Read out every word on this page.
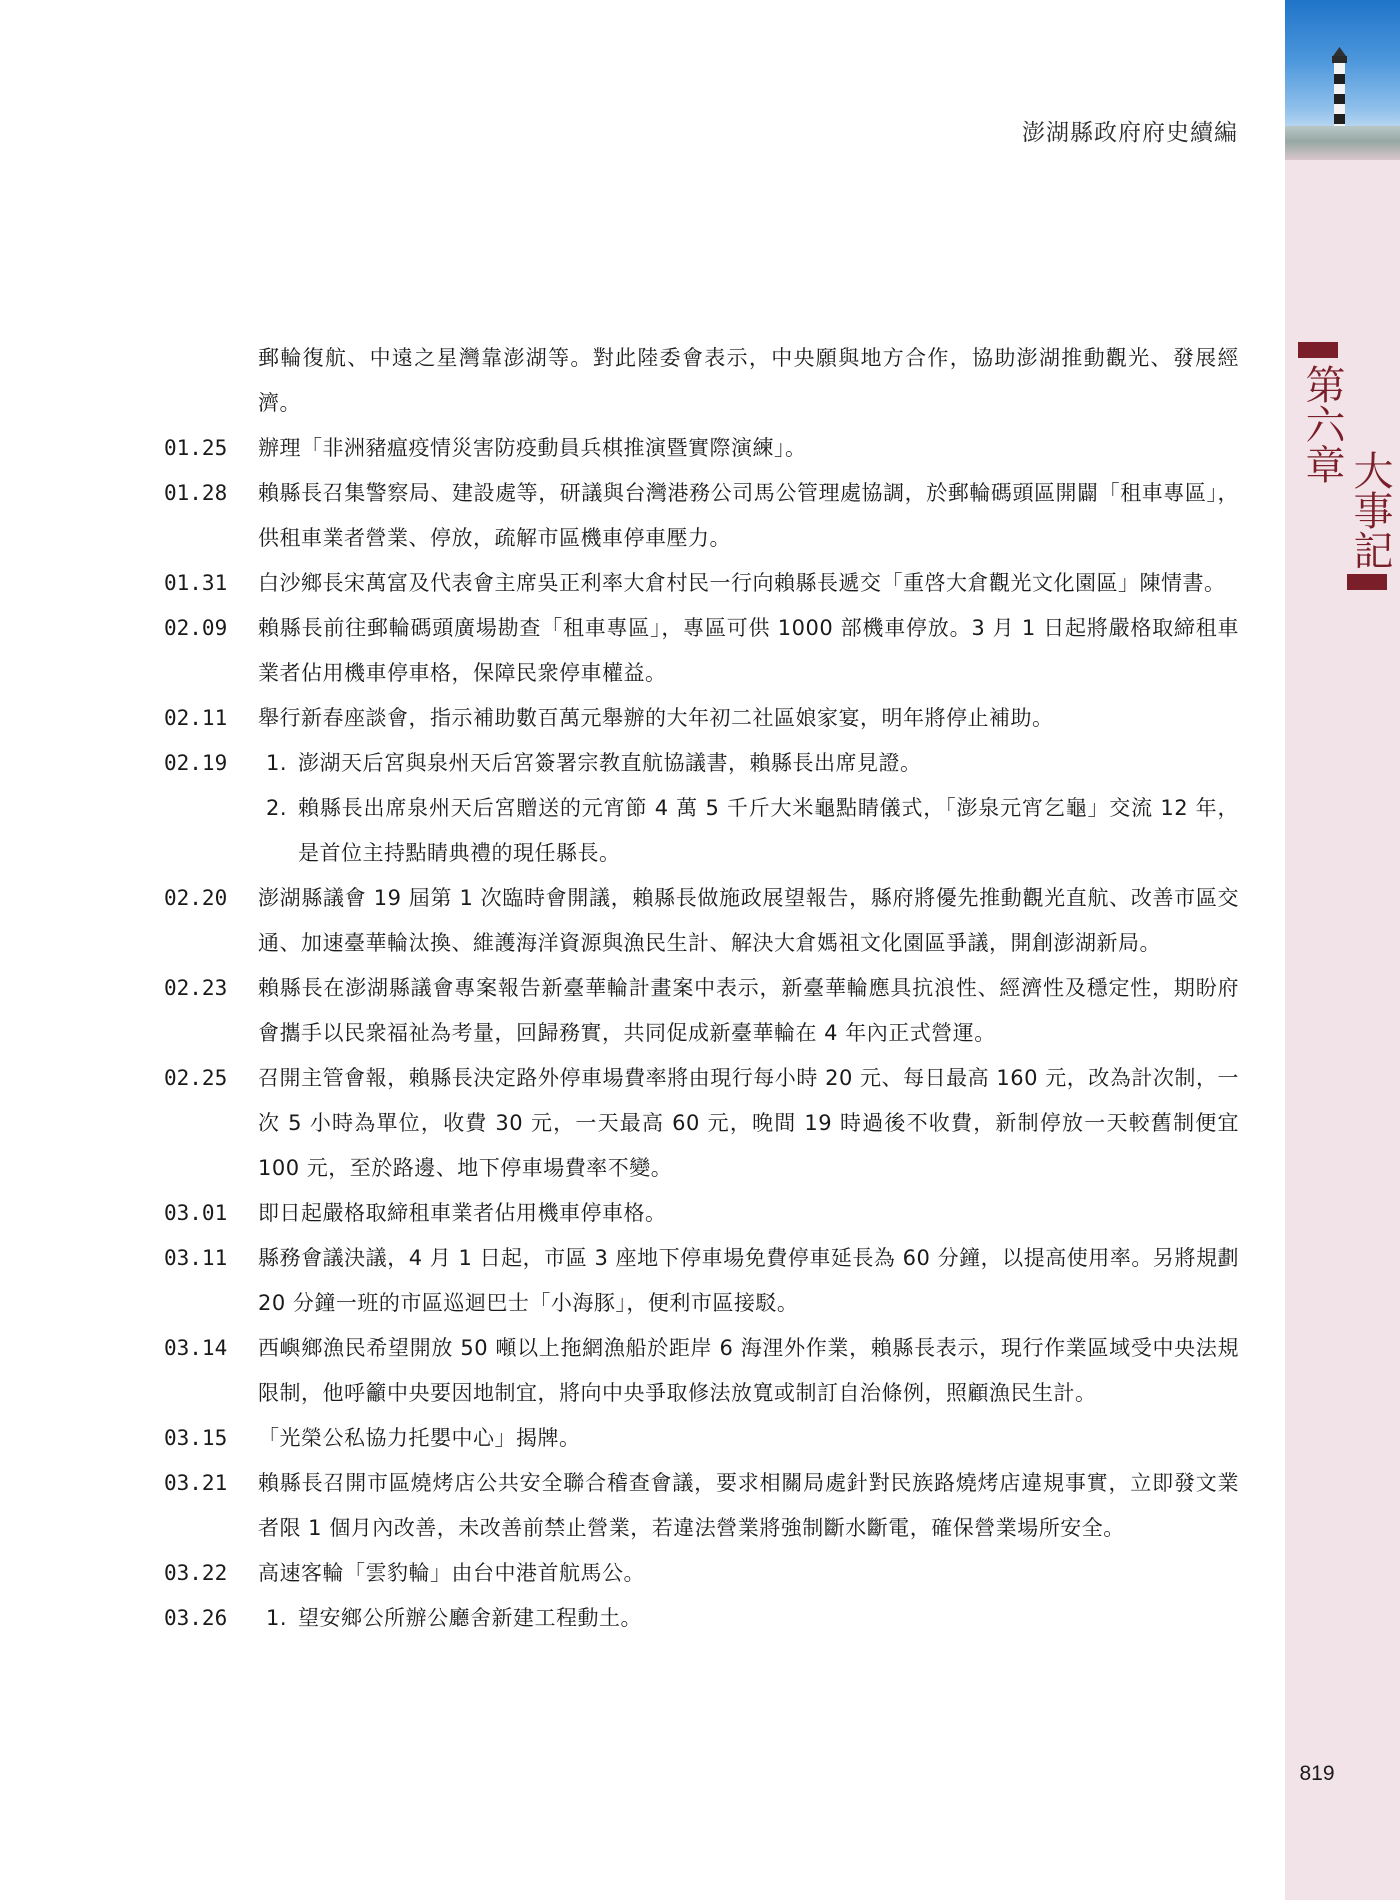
第六章
大事記
澎湖縣政府府史續編
郵輪復航、中遠之星灣靠澎湖等。對此陸委會表示，中央願與地方合作，協助澎湖推動觀光、發展經濟。
01.25	辦理「非洲豬瘟疫情災害防疫動員兵棋推演暨實際演練」。
01.28	賴縣長召集警察局、建設處等，研議與台灣港務公司馬公管理處協調，於郵輪碼頭區開闢「租車專區」，供租車業者營業、停放，疏解市區機車停車壓力。
01.31	白沙鄉長宋萬富及代表會主席吳正利率大倉村民一行向賴縣長遞交「重啓大倉觀光文化園區」陳情書。
02.09	賴縣長前往郵輪碼頭廣場勘查「租車專區」，專區可供 1000 部機車停放。3 月 1 日起將嚴格取締租車業者佔用機車停車格，保障民衆停車權益。
02.11	舉行新春座談會，指示補助數百萬元舉辦的大年初二社區娘家宴，明年將停止補助。
02.19	1. 澎湖天后宮與泉州天后宮簽署宗教直航協議書，賴縣長出席見證。
2. 賴縣長出席泉州天后宮贈送的元宵節 4 萬 5 千斤大米龜點睛儀式，「澎泉元宵乞龜」交流 12 年，是首位主持點睛典禮的現任縣長。
02.20	澎湖縣議會 19 屆第 1 次臨時會開議，賴縣長做施政展望報告，縣府將優先推動觀光直航、改善市區交通、加速臺華輪汰換、維護海洋資源與漁民生計、解決大倉媽祖文化園區爭議，開創澎湖新局。
02.23	賴縣長在澎湖縣議會專案報告新臺華輪計畫案中表示，新臺華輪應具抗浪性、經濟性及穩定性，期盼府會攜手以民衆福祉為考量，回歸務實，共同促成新臺華輪在 4 年內正式營運。
02.25	召開主管會報，賴縣長決定路外停車場費率將由現行每小時 20 元、每日最高 160 元，改為計次制，一次 5 小時為單位，收費 30 元，一天最高 60 元，晚間 19 時過後不收費，新制停放一天較舊制便宜 100 元，至於路邊、地下停車場費率不變。
03.01	即日起嚴格取締租車業者佔用機車停車格。
03.11	縣務會議決議，4 月 1 日起，市區 3 座地下停車場免費停車延長為 60 分鐘，以提高使用率。另將規劃 20 分鐘一班的市區巡迴巴士「小海豚」，便利市區接駁。
03.14	西嶼鄉漁民希望開放 50 噸以上拖網漁船於距岸 6 海浬外作業，賴縣長表示，現行作業區域受中央法規限制，他呼籲中央要因地制宜，將向中央爭取修法放寬或制訂自治條例，照顧漁民生計。
03.15	「光榮公私協力托嬰中心」揭牌。
03.21	賴縣長召開市區燒烤店公共安全聯合稽查會議，要求相關局處針對民族路燒烤店違規事實，立即發文業者限 1 個月內改善，未改善前禁止營業，若違法營業將強制斷水斷電，確保營業場所安全。
03.22	高速客輪「雲豹輪」由台中港首航馬公。
03.26	1. 望安鄉公所辦公廳舍新建工程動土。
819
